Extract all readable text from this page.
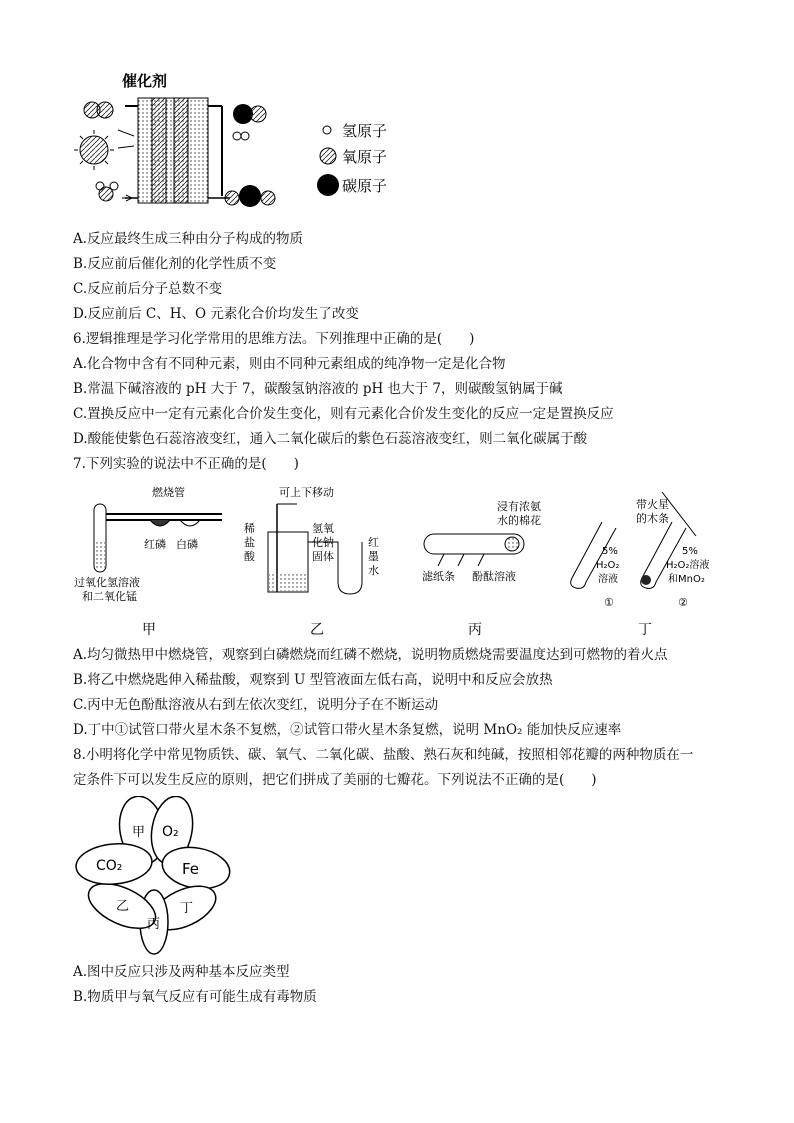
催化剂
氢原子
氧原子
碳原子
A.反应最终生成三种由分子构成的物质
B.反应前后催化剂的化学性质不变
C.反应前后分子总数不变
D.反应前后 C、H、O 元素化合价均发生了改变
6.逻辑推理是学习化学常用的思维方法。下列推理中正确的是(　　)
A.化合物中含有不同种元素，则由不同种元素组成的纯净物一定是化合物
B.常温下碱溶液的 pH 大于 7，碳酸氢钠溶液的 pH 也大于 7，则碳酸氢钠属于碱
C.置换反应中一定有元素化合价发生变化，则有元素化合价发生变化的反应一定是置换反应
D.酸能使紫色石蕊溶液变红，通入二氧化碳后的紫色石蕊溶液变红，则二氧化碳属于酸
7.下列实验的说法中不正确的是(　　)
燃烧管
红磷 白磷
过氧化氢溶液
和二氧化锰
甲
可上下移动
稀
盐
酸
氢氧
化钠
固体
红
墨
水
乙
浸有浓氨
水的棉花
滤纸条 酚酞溶液
丙
带火星
的木条
5%
H₂O₂
溶液
①
5%
H₂O₂溶液
和MnO₂
②
丁
A.均匀微热甲中燃烧管，观察到白磷燃烧而红磷不燃烧，说明物质燃烧需要温度达到可燃物的着火点
B.将乙中燃烧匙伸入稀盐酸，观察到 U 型管液面左低右高，说明中和反应会放热
C.丙中无色酚酞溶液从右到左依次变红，说明分子在不断运动
D.丁中①试管口带火星木条不复燃，②试管口带火星木条复燃，说明 MnO₂ 能加快反应速率
8.小明将化学中常见物质铁、碳、氧气、二氧化碳、盐酸、熟石灰和纯碱，按照相邻花瓣的两种物质在一
定条件下可以发生反应的原则，把它们拼成了美丽的七瓣花。下列说法不正确的是(　　)
甲 O₂
Fe
丁
丙
乙
CO₂
A.图中反应只涉及两种基本反应类型
B.物质甲与氧气反应有可能生成有毒物质
